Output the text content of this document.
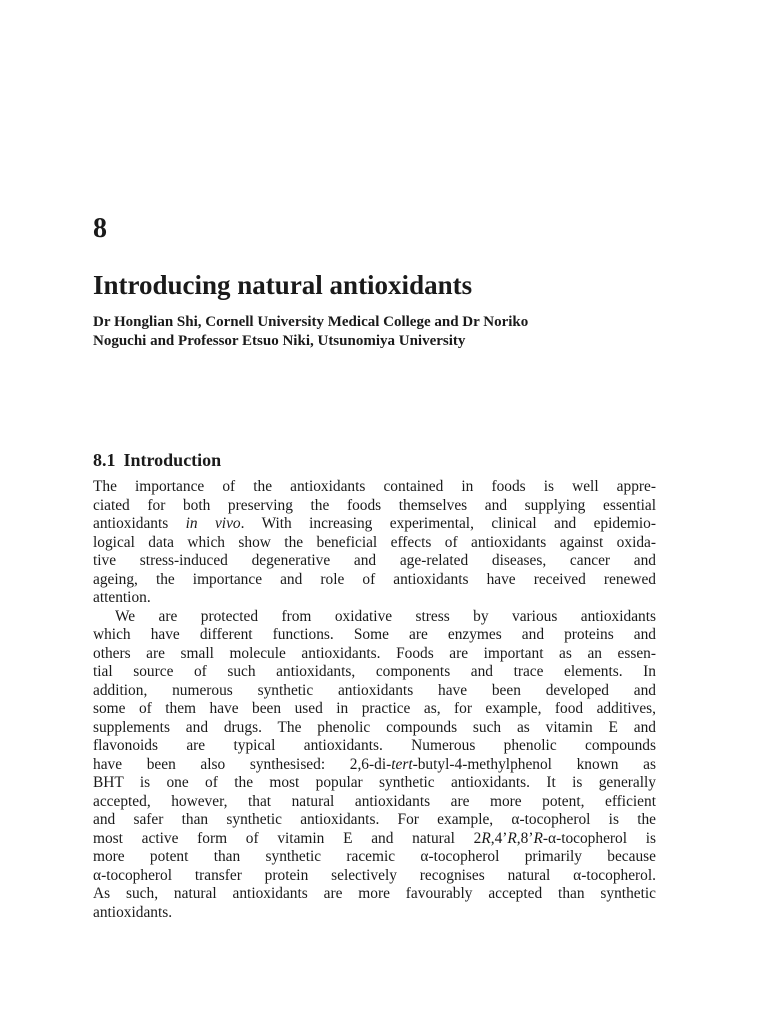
8
Introducing natural antioxidants
Dr Honglian Shi, Cornell University Medical College and Dr Noriko
Noguchi and Professor Etsuo Niki, Utsunomiya University
8.1 Introduction
The importance of the antioxidants contained in foods is well appre-
ciated for both preserving the foods themselves and supplying essential
antioxidants in vivo. With increasing experimental, clinical and epidemio-
logical data which show the beneficial effects of antioxidants against oxida-
tive stress-induced degenerative and age-related diseases, cancer and
ageing, the importance and role of antioxidants have received renewed
attention.
We are protected from oxidative stress by various antioxidants
which have different functions. Some are enzymes and proteins and
others are small molecule antioxidants. Foods are important as an essen-
tial source of such antioxidants, components and trace elements. In
addition, numerous synthetic antioxidants have been developed and
some of them have been used in practice as, for example, food additives,
supplements and drugs. The phenolic compounds such as vitamin E and
flavonoids are typical antioxidants. Numerous phenolic compounds
have been also synthesised: 2,6-di-tert-butyl-4-methylphenol known as
BHT is one of the most popular synthetic antioxidants. It is generally
accepted, however, that natural antioxidants are more potent, efficient
and safer than synthetic antioxidants. For example, α-tocopherol is the
most active form of vitamin E and natural 2R,4’R,8’R-α-tocopherol is
more potent than synthetic racemic α-tocopherol primarily because
α-tocopherol transfer protein selectively recognises natural α-tocopherol.
As such, natural antioxidants are more favourably accepted than synthetic
antioxidants.
